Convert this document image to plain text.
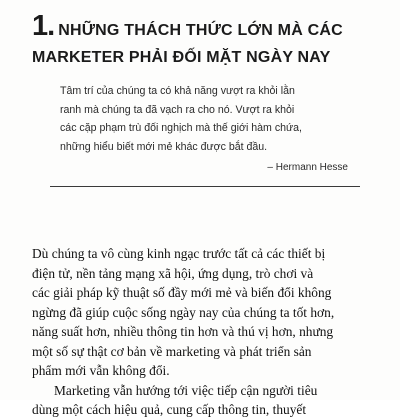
1. NHỮNG THÁCH THỨC LỚN MÀ CÁC
MARKETER PHẢI ĐỐI MẶT NGÀY NAY

Tâm trí của chúng ta có khả năng vượt ra khỏi lằn
ranh mà chúng ta đã vạch ra cho nó. Vượt ra khỏi
các cặp phạm trù đối nghịch mà thế giới hàm chứa,
những hiểu biết mới mẻ khác được bắt đầu.

– Hermann Hesse

Dù chúng ta vô cùng kinh ngạc trước tất cả các thiết bị
điện tử, nền tảng mạng xã hội, ứng dụng, trò chơi và
các giải pháp kỹ thuật số đầy mới mẻ và biến đổi không
ngừng đã giúp cuộc sống ngày nay của chúng ta tốt hơn,
năng suất hơn, nhiều thông tin hơn và thú vị hơn, nhưng
một số sự thật cơ bản về marketing và phát triển sản
phẩm mới vẫn không đổi.

Marketing vẫn hướng tới việc tiếp cận người tiêu
dùng một cách hiệu quả, cung cấp thông tin, thuyết
